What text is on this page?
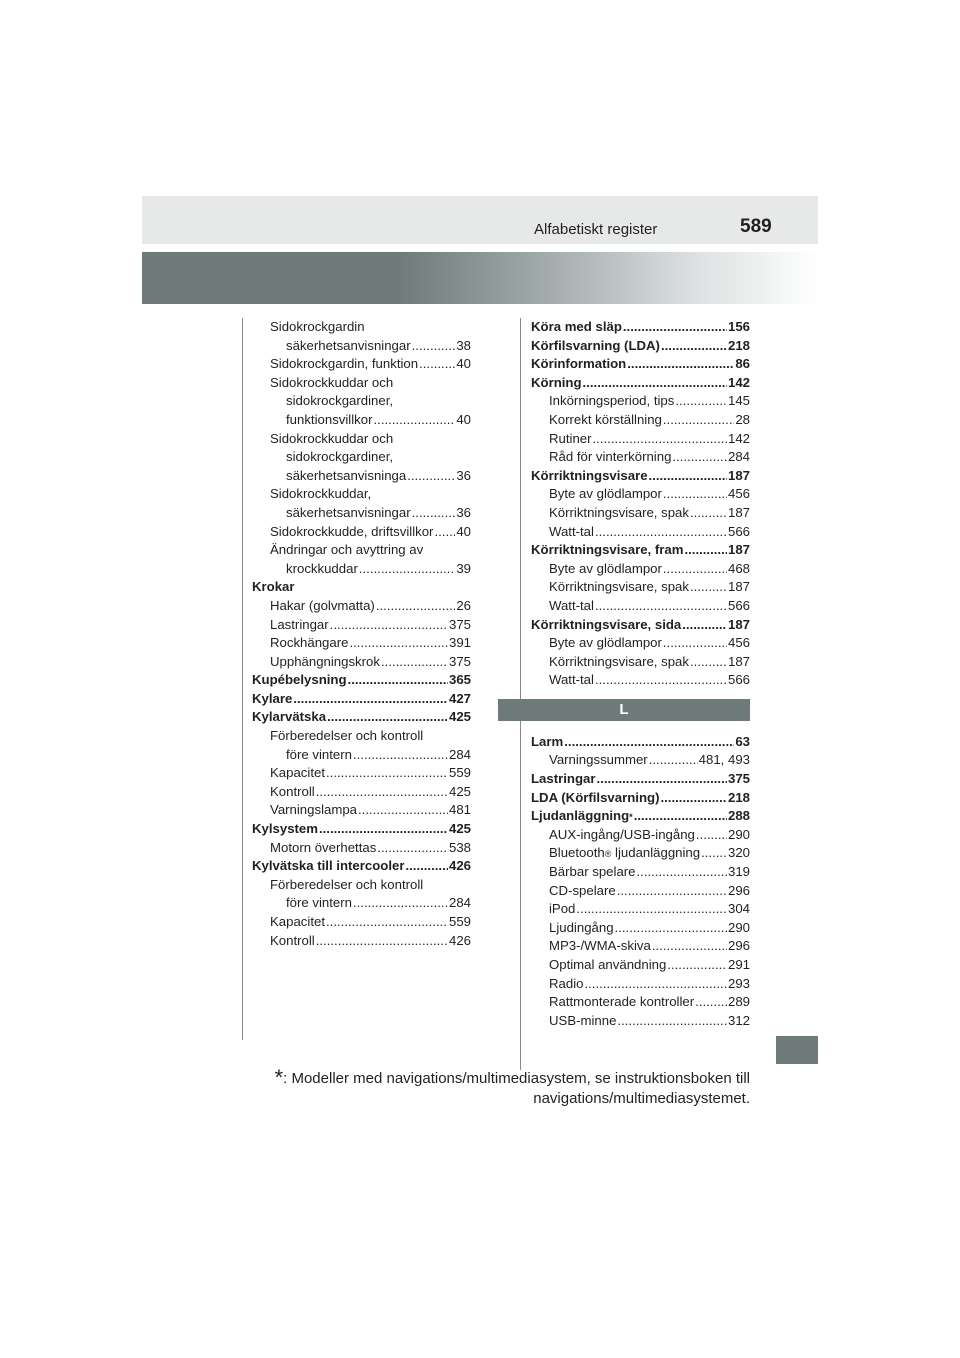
Alfabetiskt register	589
Sidokrockgardin
säkerhetsanvisningar .....	38
Sidokrockgardin, funktion .....	40
Sidokrockkuddar och
sidokrockgardiner,
funktionsvillkor .....	40
Sidokrockkuddar och
sidokrockgardiner,
säkerhetsanvisninga .....	36
Sidokrockkuddar,
säkerhetsanvisningar .....	36
Sidokrockkudde, driftsvillkor ..... 40
Ändringar och avyttring av
krockkuddar .....	39
Krokar
Hakar (golvmatta) .....	26
Lastringar .....	375
Rockhängare .....	391
Upphängningskrok .....	375
Kupébelysning .....	365
Kylare .....	427
Kylarvätska .....	425
Förberedelser och kontroll
före vintern .....	284
Kapacitet .....	559
Kontroll .....	425
Varningslampa .....	481
Kylsystem .....	425
Motorn överhettas .....	538
Kylvätska till intercooler .....	426
Förberedelser och kontroll
före vintern .....	284
Kapacitet .....	559
Kontroll .....	426
Köra med släp .....	156
Körfilsvarning (LDA) .....	218
Körinformation .....	86
Körning .....	142
Inkörningsperiod, tips .....	145
Korrekt körställning .....	28
Rutiner .....	142
Råd för vinterkörning .....	284
Körriktningsvisare .....	187
Byte av glödlampor .....	456
Körriktningsvisare, spak .....	187
Watt-tal .....	566
Körriktningsvisare, fram .....	187
Byte av glödlampor .....	468
Körriktningsvisare, spak .....	187
Watt-tal .....	566
Körriktningsvisare, sida .....	187
Byte av glödlampor .....	456
Körriktningsvisare, spak .....	187
Watt-tal .....	566
L
Larm .....	63
Varningssummer .....	481, 493
Lastringar .....	375
LDA (Körfilsvarning) .....	218
Ljudanläggning * .....	288
AUX-ingång/USB-ingång .....	290
Bluetooth ® ljudanläggning ..... 320
Bärbar spelare .....	319
CD-spelare .....	296
iPod .....	304
Ljudingång .....	290
MP3-/WMA-skiva .....	296
Optimal användning .....	291
Radio .....	293
Rattmonterade kontroller .....	289
USB-minne .....	312
*: Modeller med navigations/multimediasystem, se instruktionsboken till
navigations/multimediasystemet.
